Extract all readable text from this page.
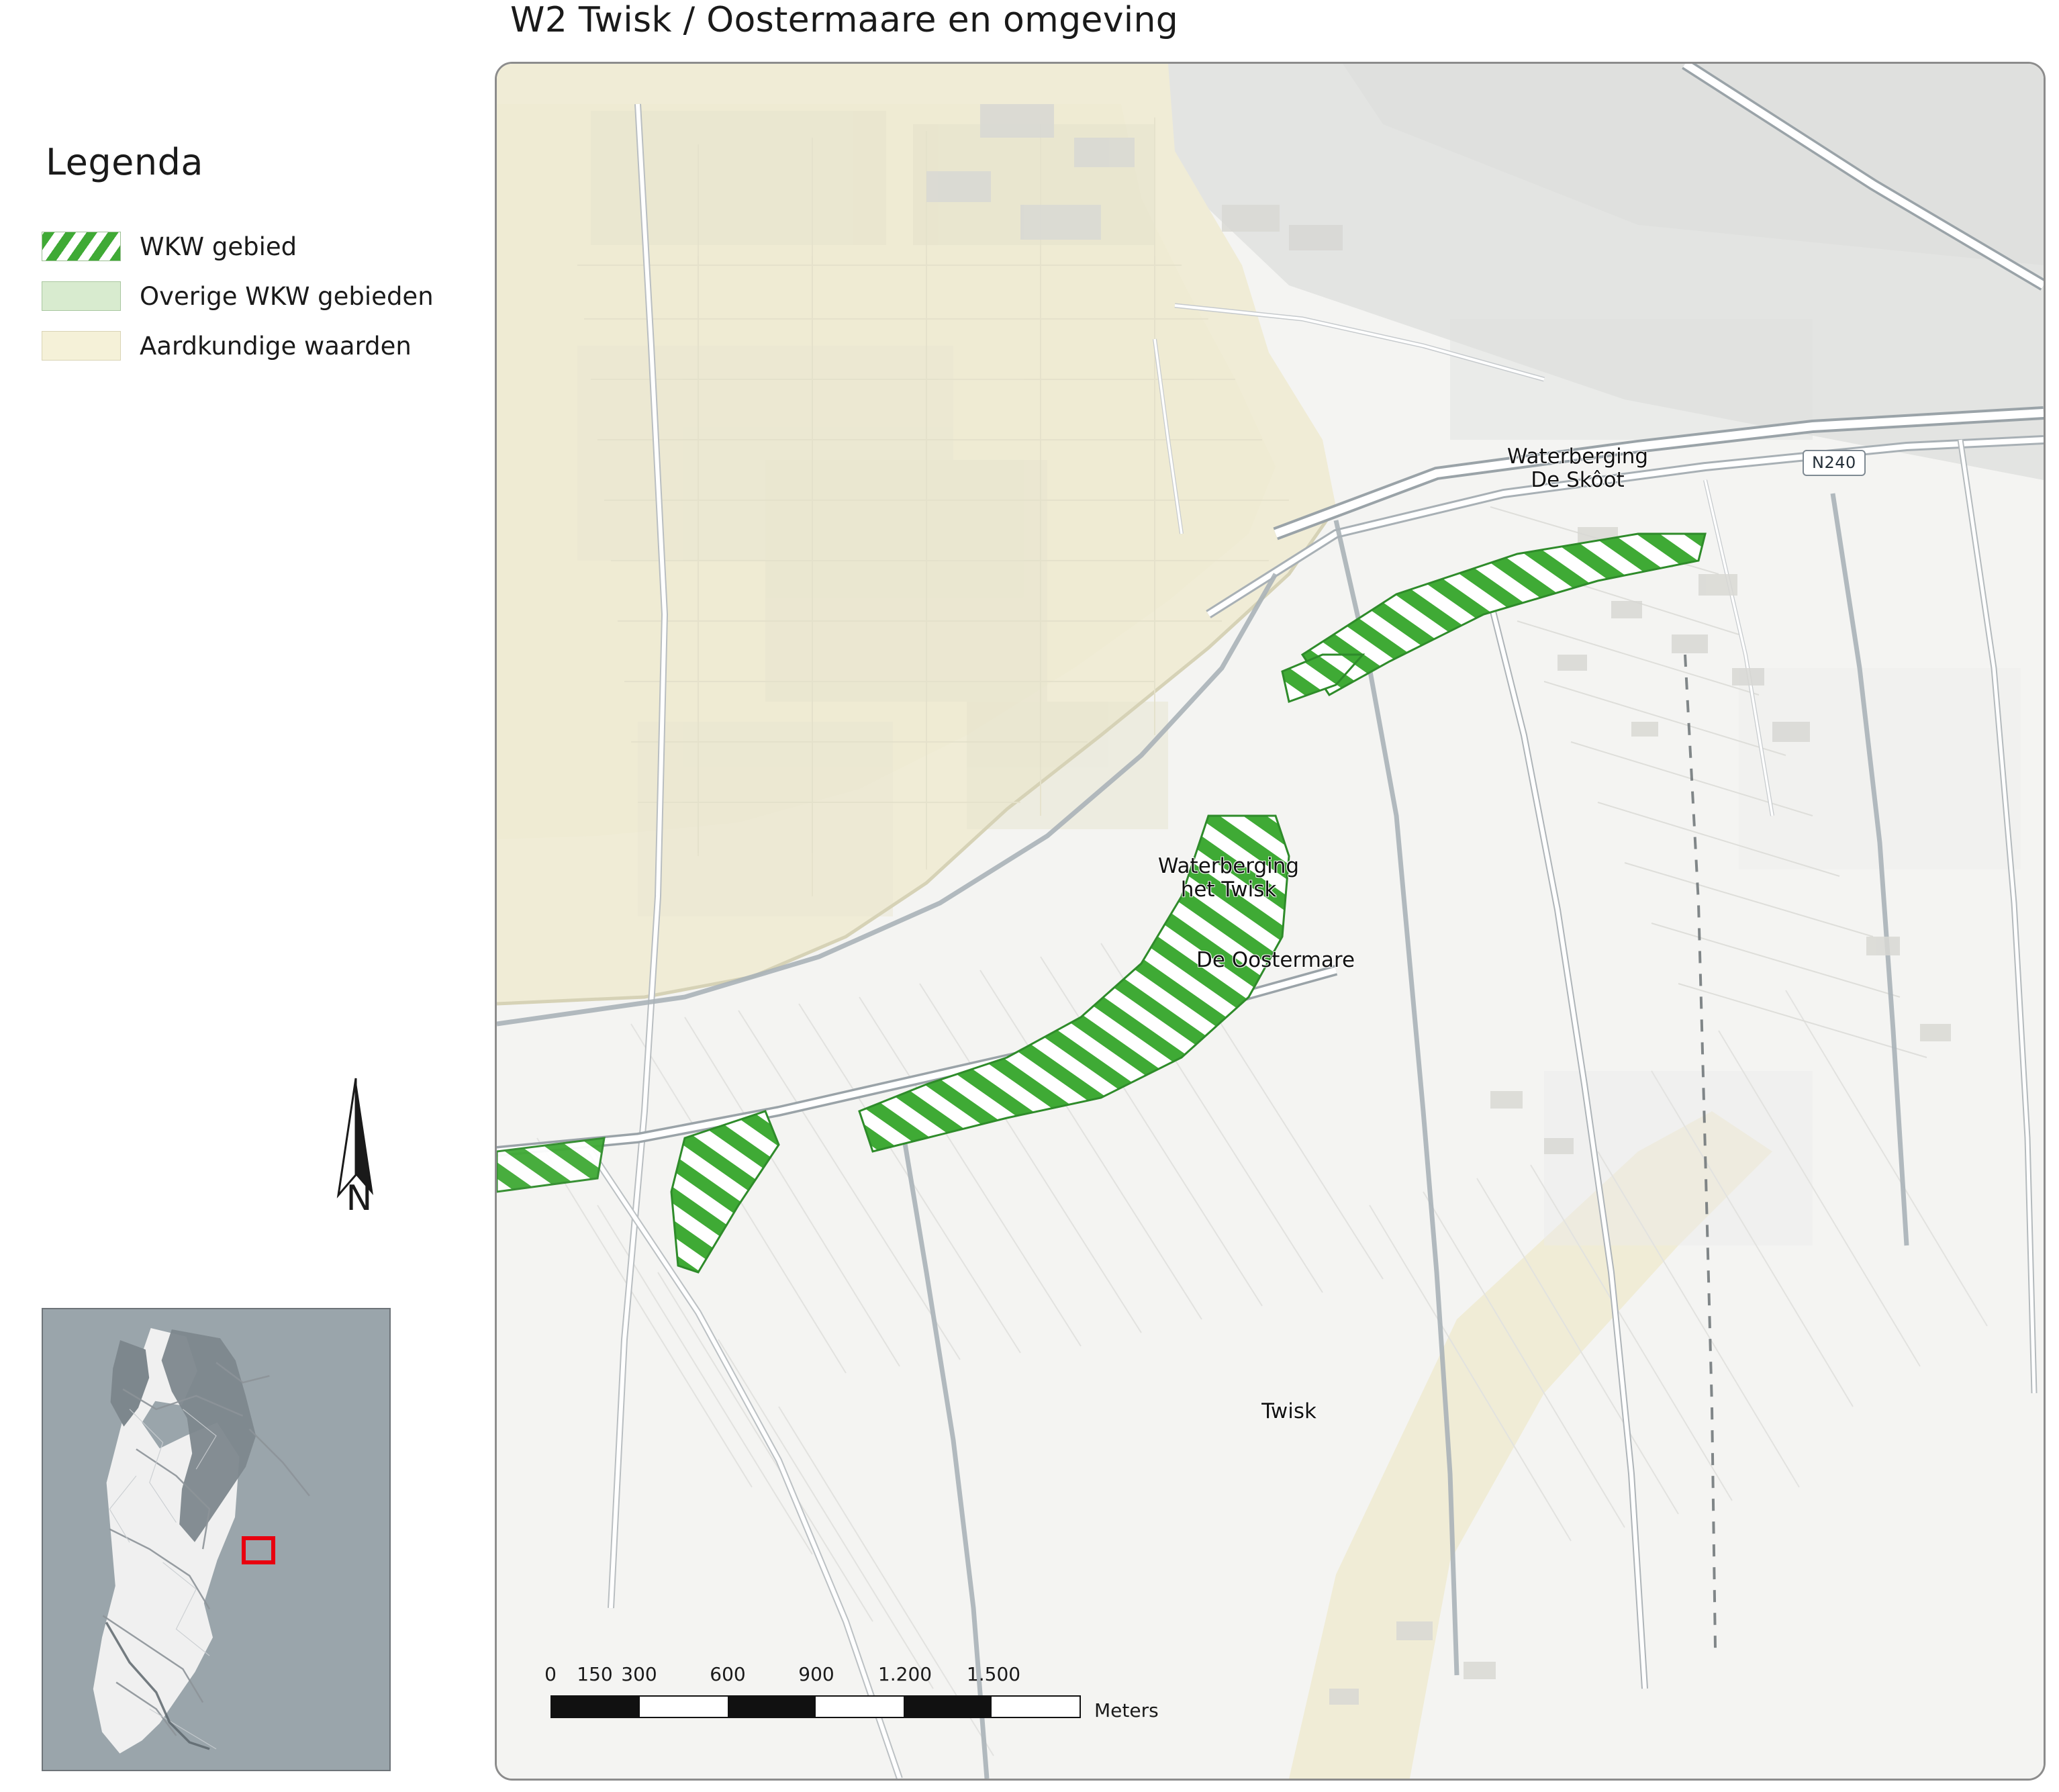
Legenda
WKW gebied
Overige WKW gebieden
Aardkundige waarden
N
W2 Twisk / Oostermaare en omgeving
Waterberging
De Skôot
Waterberging
het Twisk
De Oostermare
Twisk
N240
0 150 300	600	900 1.200 1.500
Meters
